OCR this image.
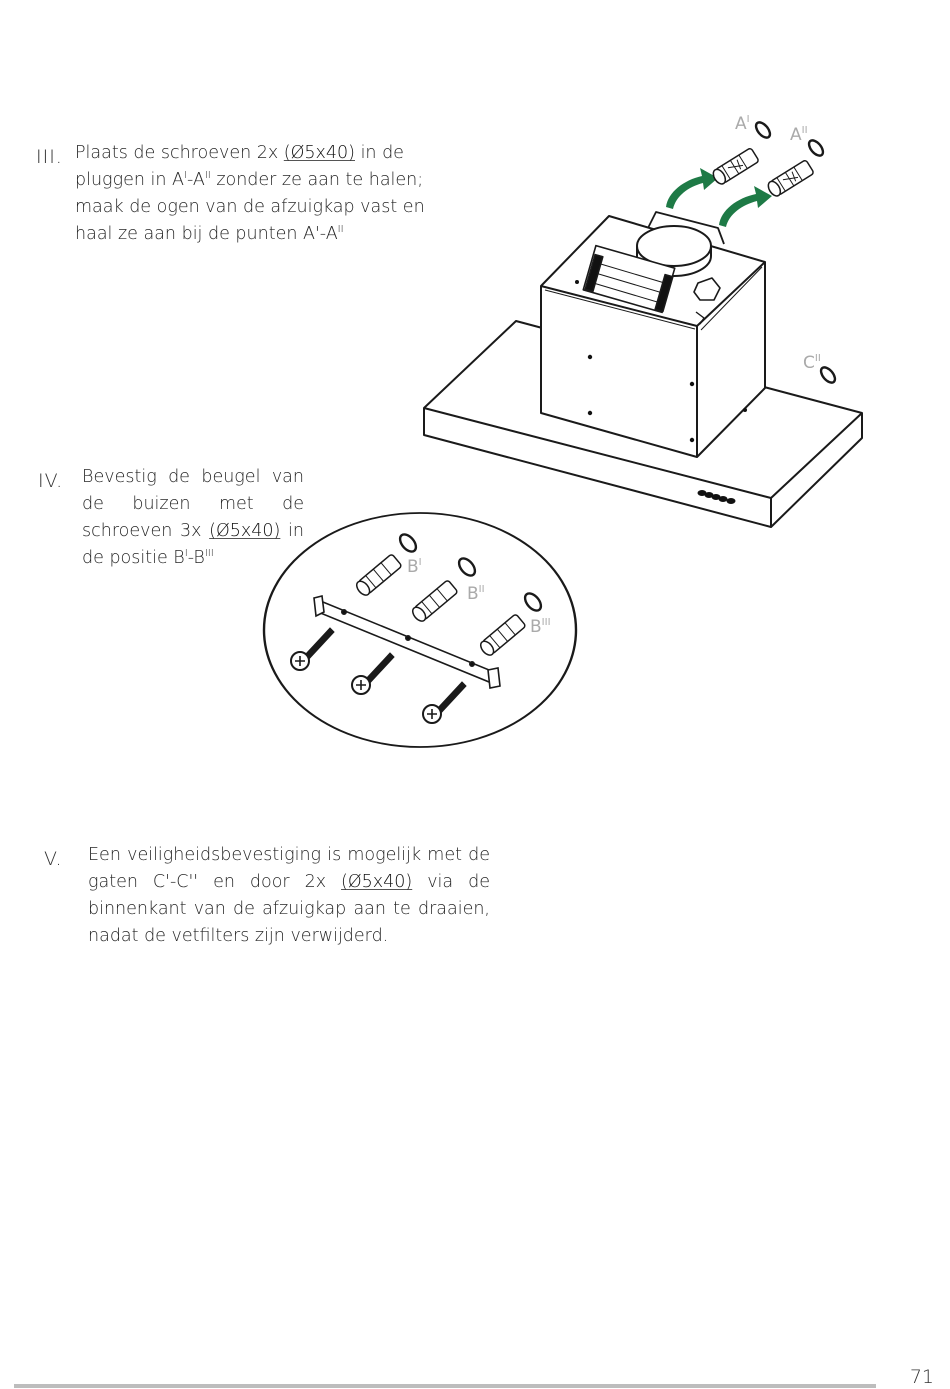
III. Plaats de schroeven 2x (Ø5x40) in de pluggen in $A^I-A^{II}$ zonder ze aan te halen; maak de ogen van de afzuigkap vast en haal ze aan bij de punten $A'-A^{II}$
IV. Bevestig de beugel van de buizen met de schroeven 3x (Ø5x40) in de positie $B^I-B^{III}$
V. Een veiligheidsbevestiging is mogelijk met de gaten C'-C'' en door 2x (Ø5x40) via de binnenkant van de afzuigkap aan te draaien, nadat de vetfilters zijn verwijderd.
$A^I$
$A^{II}$
$C^{II}$
$B^I$
$B^{II}$
$B^{III}$
71
